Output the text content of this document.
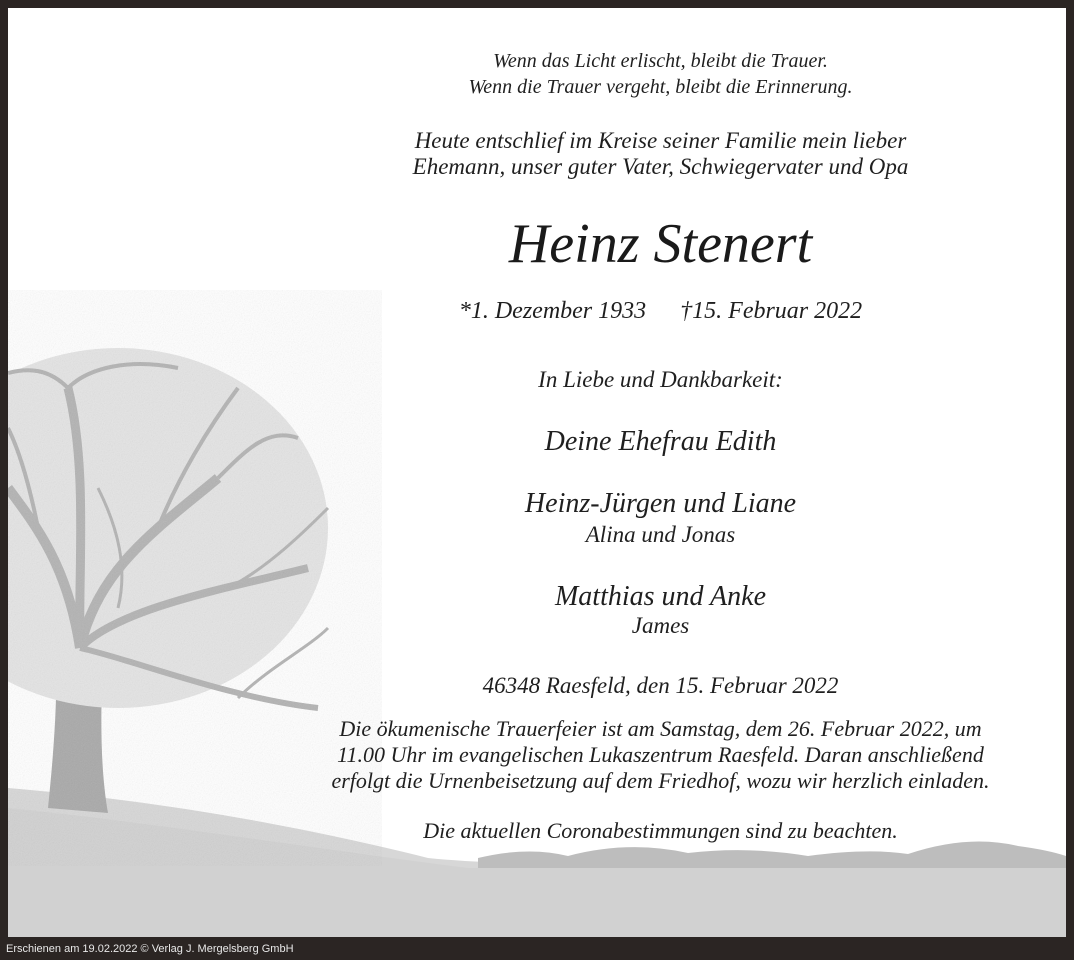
Wenn das Licht erlischt, bleibt die Trauer.
Wenn die Trauer vergeht, bleibt die Erinnerung.
Heute entschlief im Kreise seiner Familie mein lieber
Ehemann, unser guter Vater, Schwiegervater und Opa
Heinz Stenert
*1. Dezember 1933 †15. Februar 2022
In Liebe und Dankbarkeit:
Deine Ehefrau Edith
Heinz-Jürgen und Liane
Alina und Jonas
Matthias und Anke
James
46348 Raesfeld, den 15. Februar 2022
Die ökumenische Trauerfeier ist am Samstag, dem 26. Februar 2022, um
11.00 Uhr im evangelischen Lukaszentrum Raesfeld. Daran anschließend
erfolgt die Urnenbeisetzung auf dem Friedhof, wozu wir herzlich einladen.
Die aktuellen Coronabestimmungen sind zu beachten.
Erschienen am 19.02.2022 © Verlag J. Mergelsberg GmbH
